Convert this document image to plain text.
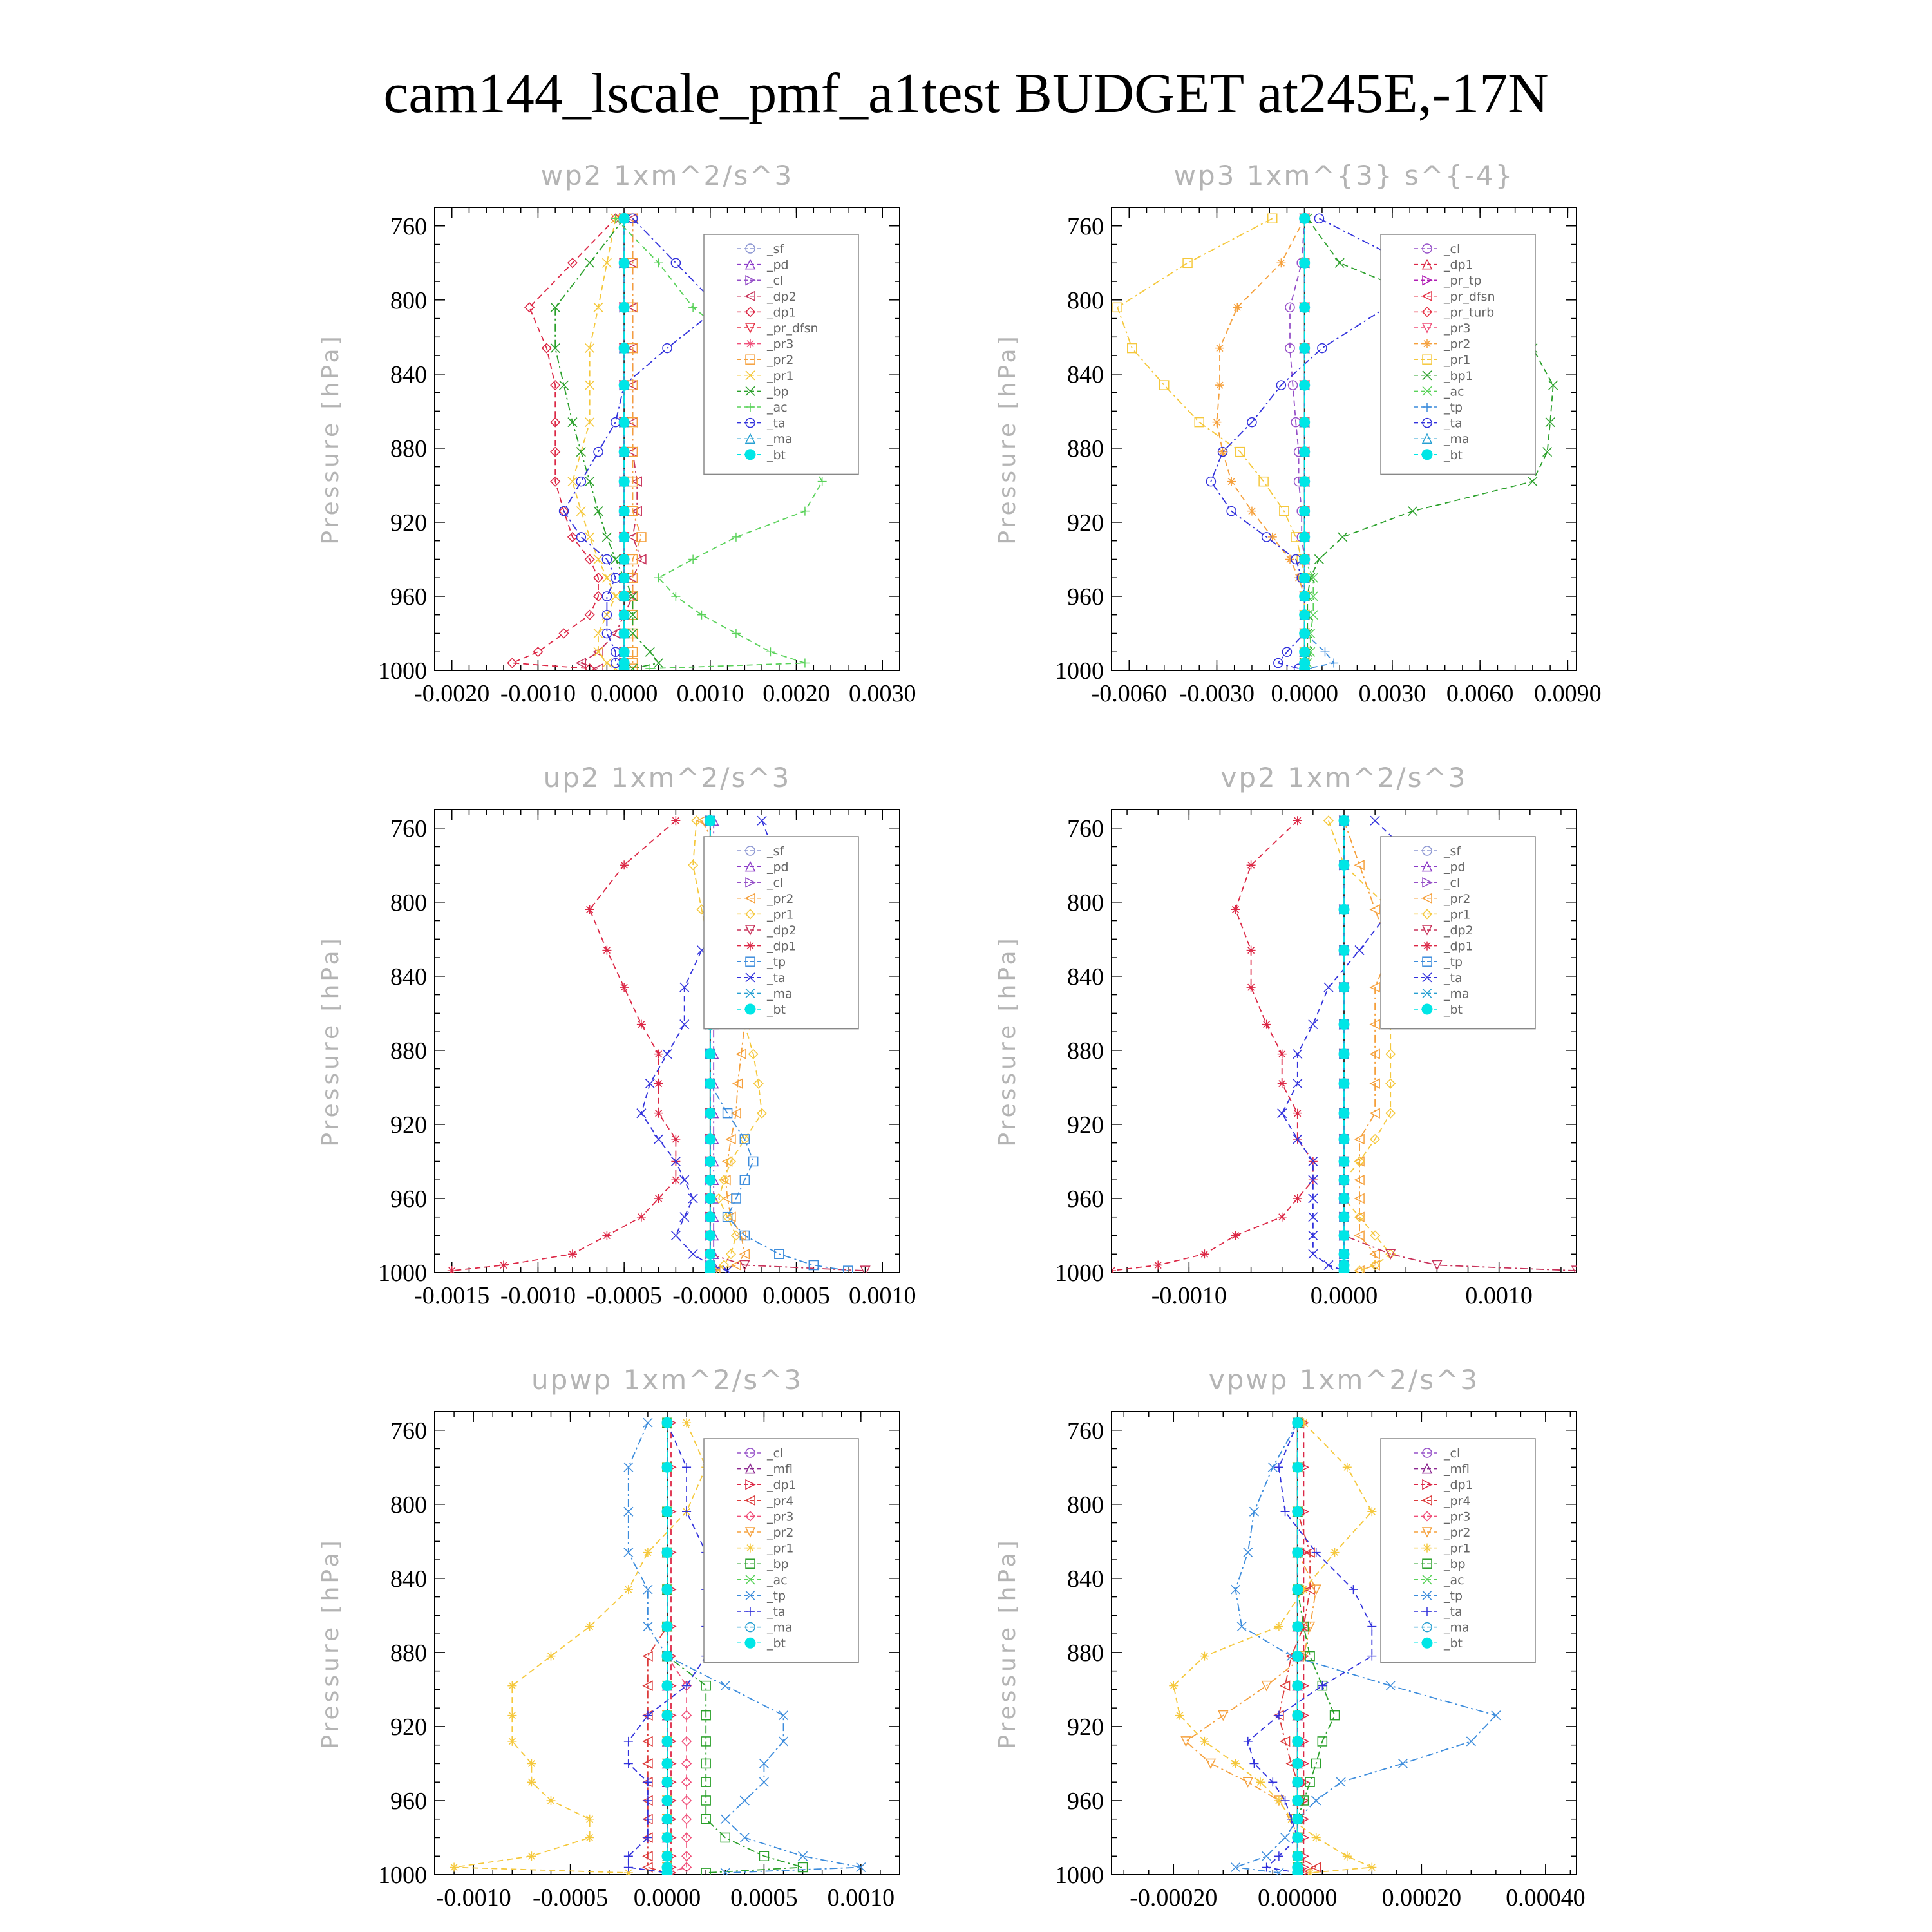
cam144_lscale_pmf_a1test BUDGET at245E,-17N
wp2 1xm^2/s^3
Pressure [hPa]
760
800
840
880
920
960
1000
-0.0020 -0.0010 0.0000 0.0010 0.0020 0.0030
_sf
_pd
_cl
_dp2
_dp1
_pr_dfsn
_pr3
_pr2
_pr1
_bp
_ac
_ta
_ma
_bt
wp3 1xm^{3} s^{-4}
Pressure [hPa]
760
800
840
880
920
960
1000
-0.0060 -0.0030 0.0000 0.0030 0.0060 0.0090
_cl
_dp1
_pr_tp
_pr_dfsn
_pr_turb
_pr3
_pr2
_pr1
_bp1
_ac
_tp
_ta
_ma
_bt
up2 1xm^2/s^3
Pressure [hPa]
760
800
840
880
920
960
1000
-0.0015 -0.0010 -0.0005 -0.0000 0.0005 0.0010
_sf
_pd
_cl
_pr2
_pr1
_dp2
_dp1
_tp
_ta
_ma
_bt
vp2 1xm^2/s^3
Pressure [hPa]
760
800
840
880
920
960
1000
-0.0010	0.0000	0.0010
_sf
_pd
_cl
_pr2
_pr1
_dp2
_dp1
_tp
_ta
_ma
_bt
upwp 1xm^2/s^3
Pressure [hPa]
760
800
840
880
920
960
1000
-0.0010 -0.0005 0.0000 0.0005 0.0010
_cl
_mfl
_dp1
_pr4
_pr3
_pr2
_pr1
_bp
_ac
_tp
_ta
_ma
_bt
vpwp 1xm^2/s^3
Pressure [hPa]
760
800
840
880
920
960
1000
-0.00020 0.00000 0.00020 0.00040
_cl
_mfl
_dp1
_pr4
_pr3
_pr2
_pr1
_bp
_ac
_tp
_ta
_ma
_bt
